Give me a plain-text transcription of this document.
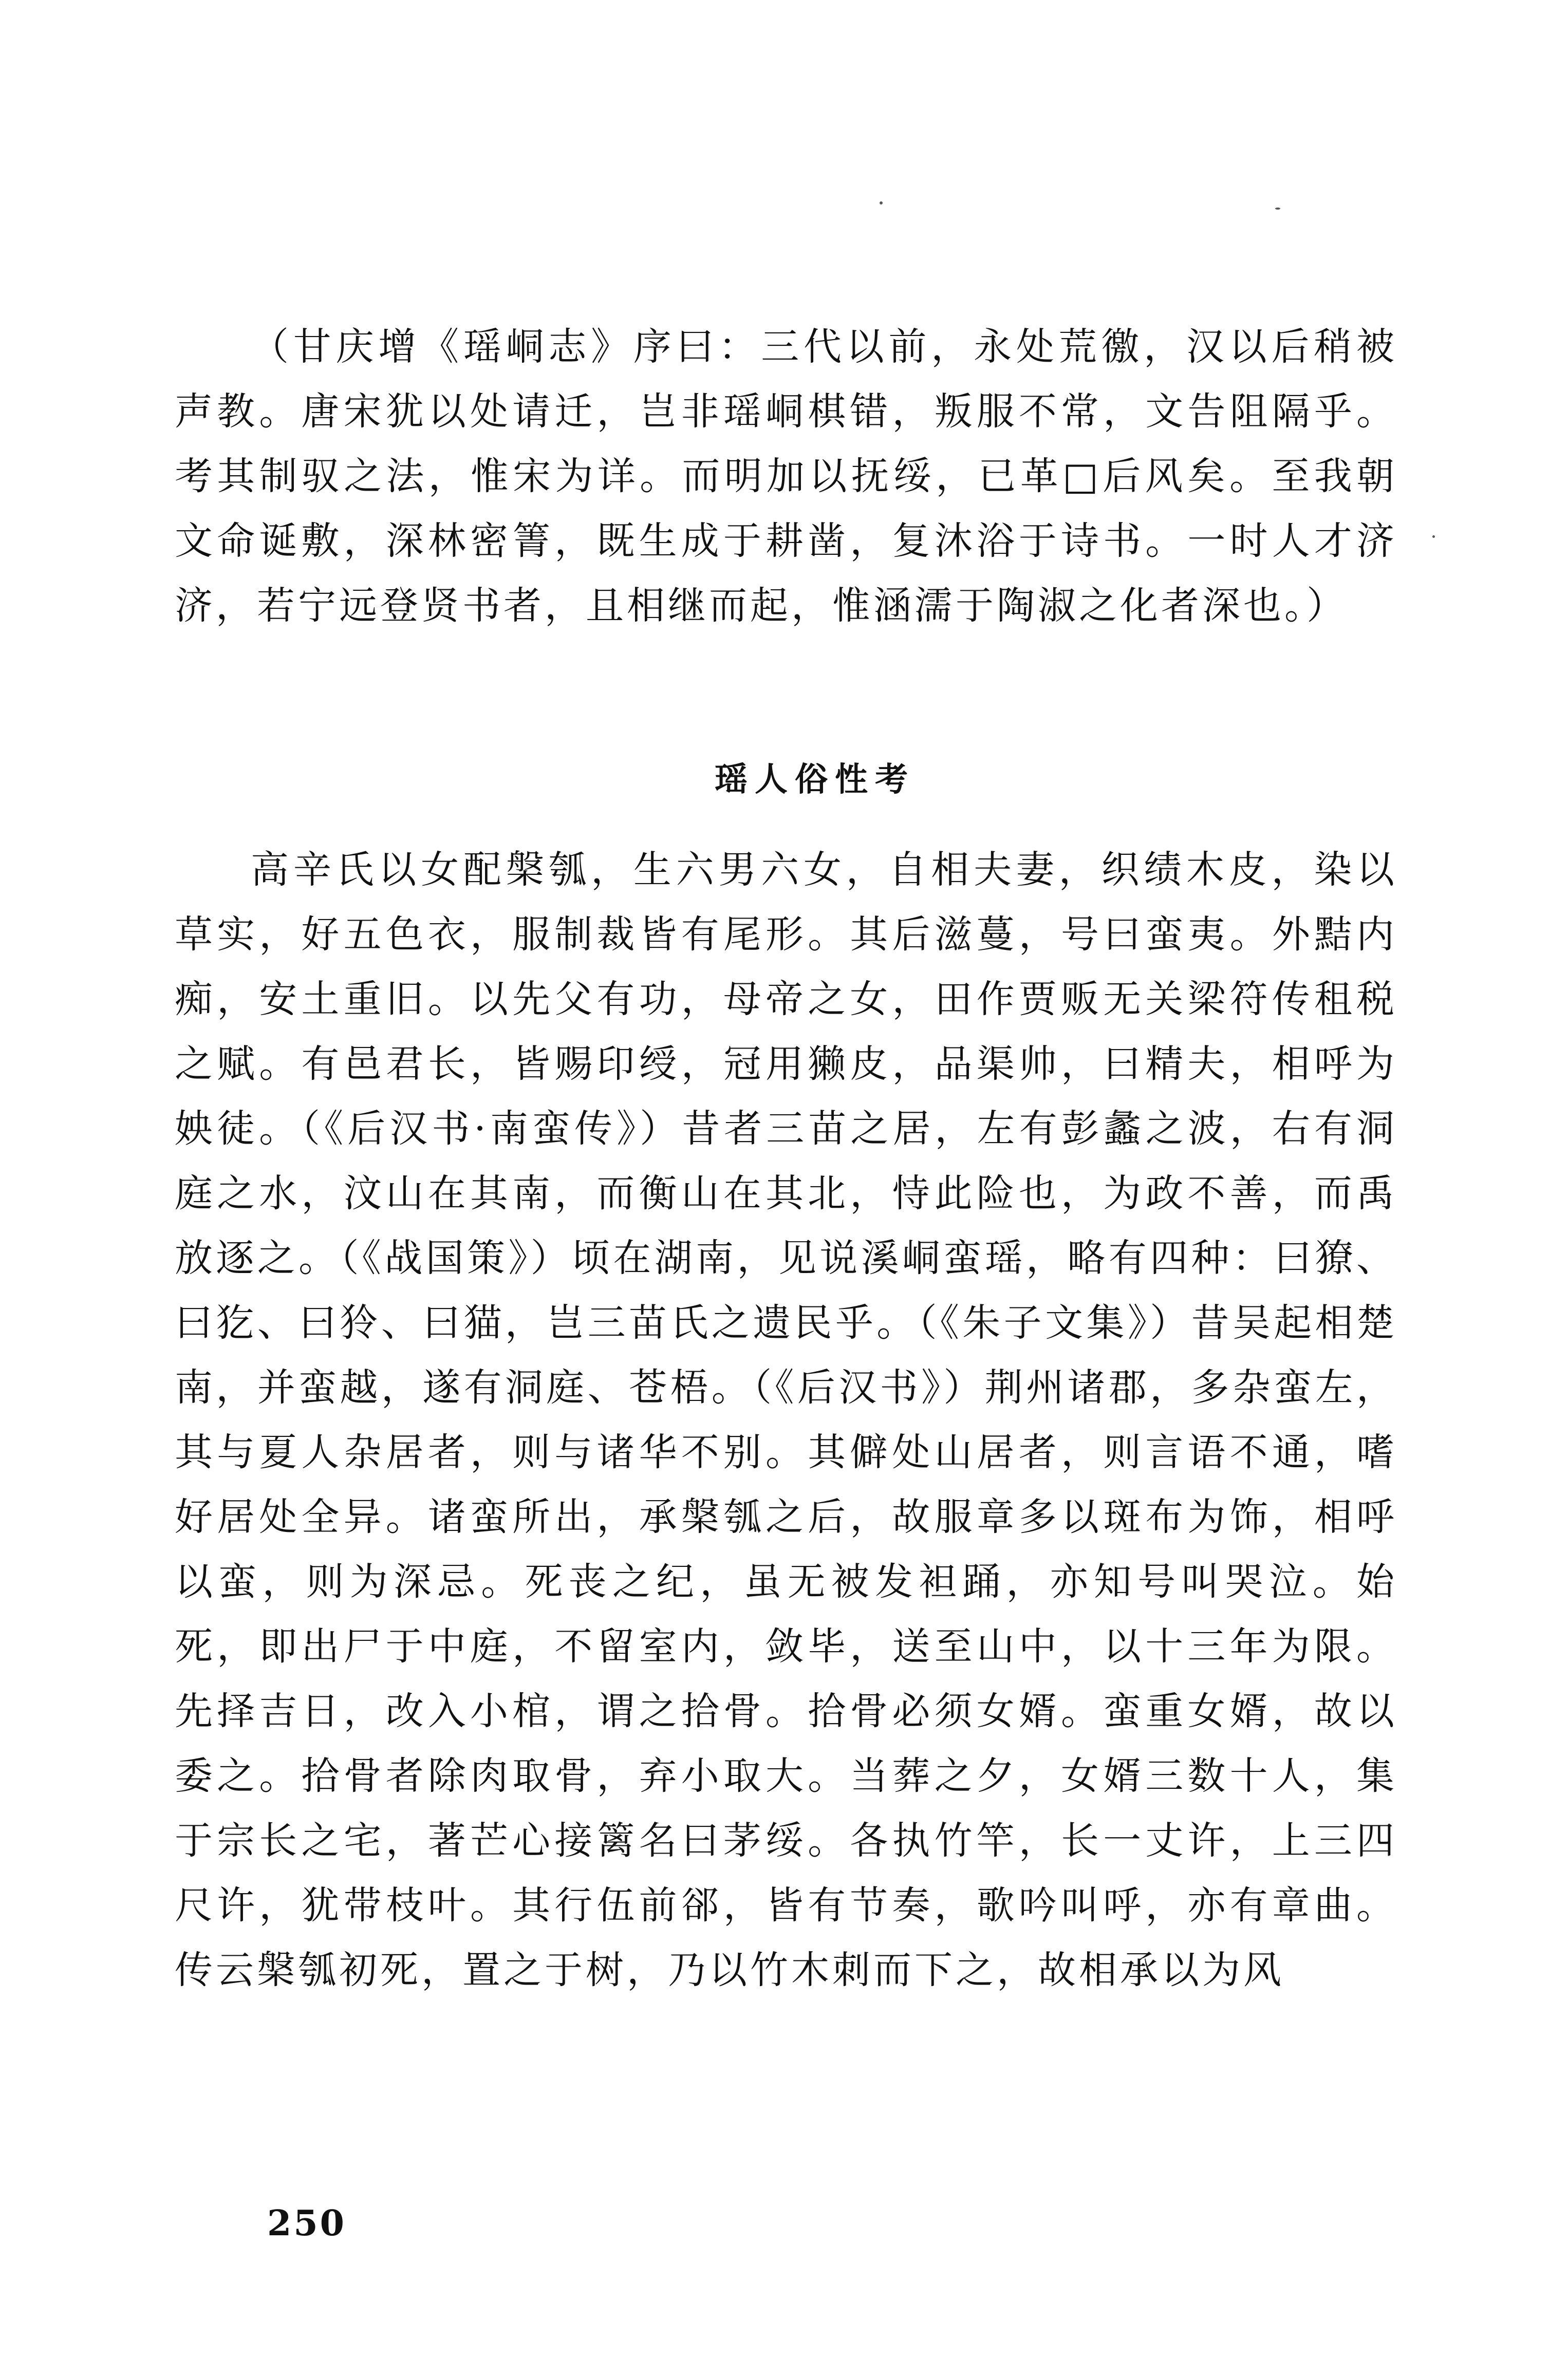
（甘庆增《瑶峒志》序曰：三代以前，永处荒徼，汉以后稍被声教。唐宋犹以处请迁，岂非瑶峒棋错，叛服不常，文告阻隔乎。考其制驭之法，惟宋为详。而明加以抚绥，已革□后风矣。至我朝文命诞敷，深林密箐，既生成于耕凿，复沐浴于诗书。一时人才济济，若宁远登贤书者，且相继而起，惟涵濡于陶淑之化者深也。）

瑶人俗性考

高辛氏以女配槃瓠，生六男六女，自相夫妻，织绩木皮，染以草实，好五色衣，服制裁皆有尾形。其后滋蔓，号曰蛮夷。外黠内痴，安土重旧。以先父有功，母帝之女，田作贾贩无关梁符传租税之赋。有邑君长，皆赐印绶，冠用獭皮，品渠帅，曰精夫，相呼为姎徒。（《后汉书·南蛮传》）昔者三苗之居，左有彭蠡之波，右有洞庭之水，汶山在其南，而衡山在其北，恃此险也，为政不善，而禹放逐之。（《战国策》）顷在湖南，见说溪峒蛮瑶，略有四种：曰獠、曰犵、曰狑、曰猫，岂三苗氏之遗民乎。（《朱子文集》）昔吴起相楚南，并蛮越，遂有洞庭、苍梧。（《后汉书》）荆州诸郡，多杂蛮左，其与夏人杂居者，则与诸华不别。其僻处山居者，则言语不通，嗜好居处全异。诸蛮所出，承槃瓠之后，故服章多以斑布为饰，相呼以蛮，则为深忌。死丧之纪，虽无被发袒踊，亦知号叫哭泣。始死，即出尸于中庭，不留室内，敛毕，送至山中，以十三年为限。先择吉日，改入小棺，谓之拾骨。拾骨必须女婿。蛮重女婿，故以委之。拾骨者除肉取骨，弃小取大。当葬之夕，女婿三数十人，集于宗长之宅，著芒心接篱名曰茅绥。各执竹竿，长一丈许，上三四尺许，犹带枝叶。其行伍前郤，皆有节奏，歌吟叫呼，亦有章曲。传云槃瓠初死，置之于树，乃以竹木刺而下之，故相承以为风

250
